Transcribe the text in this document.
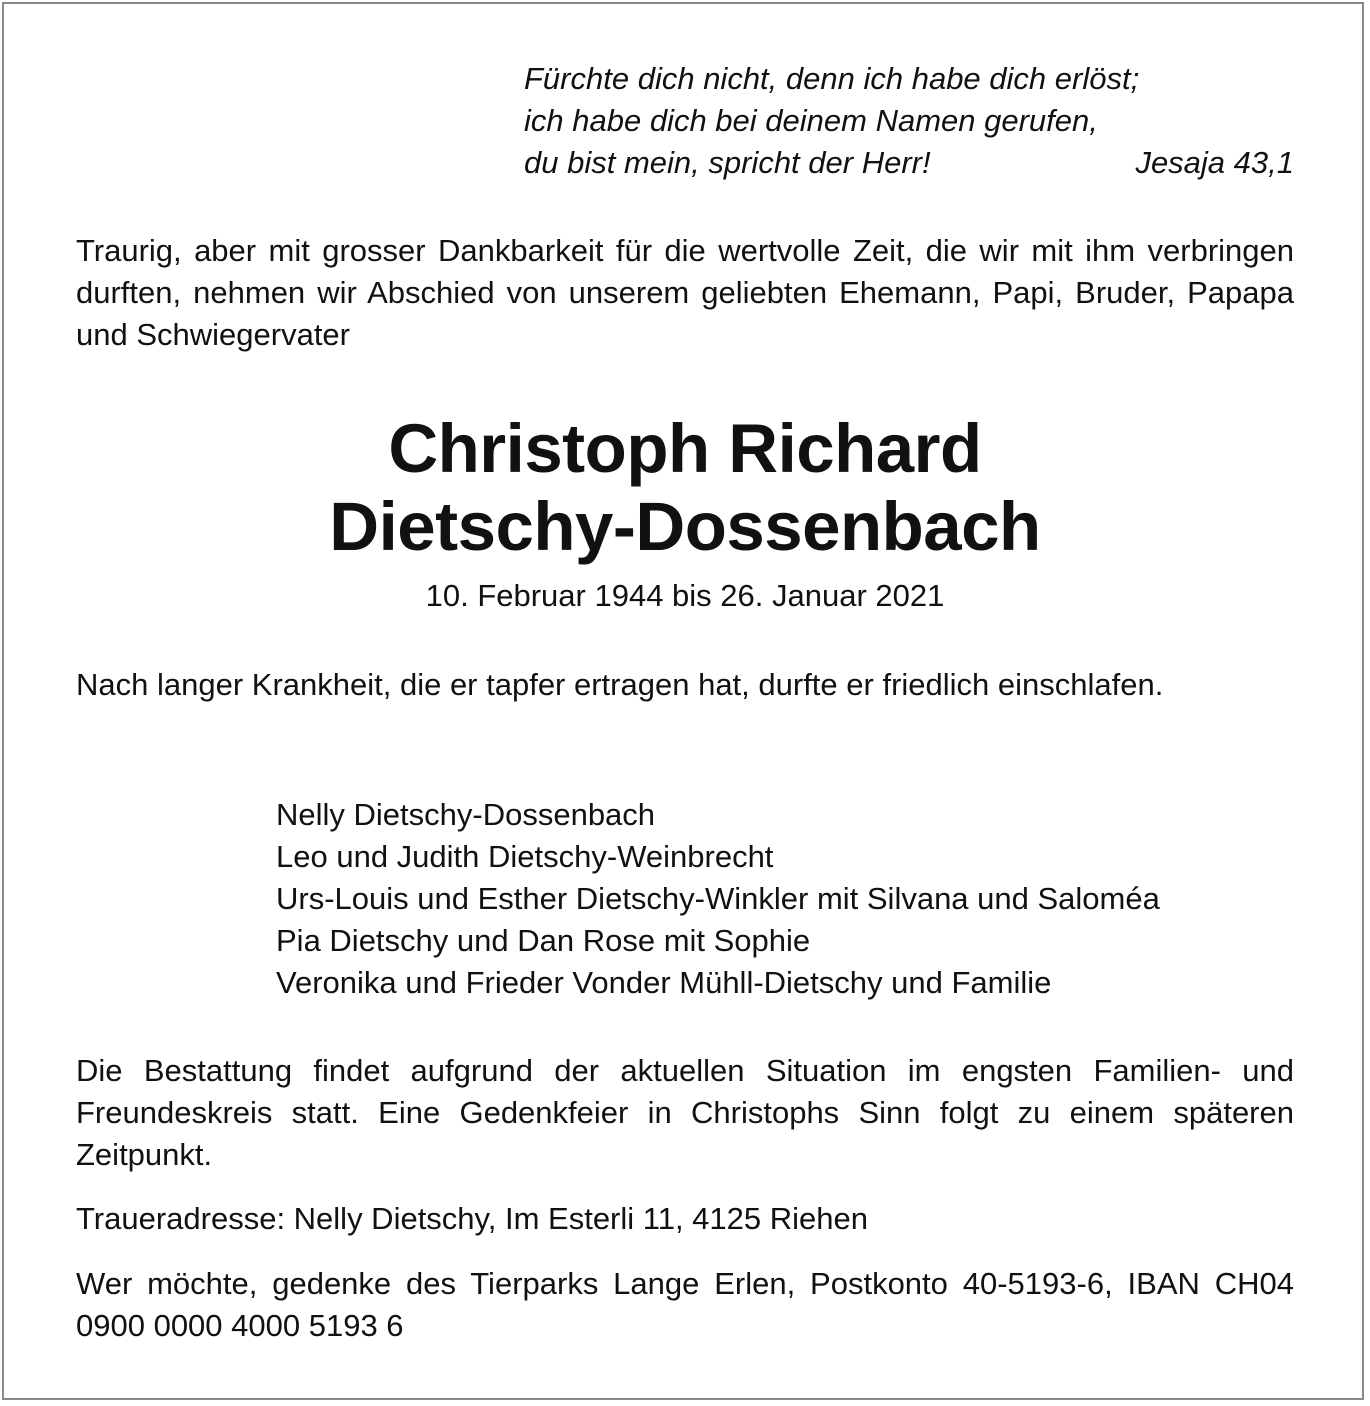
Fürchte dich nicht, denn ich habe dich erlöst;
ich habe dich bei deinem Namen gerufen,
du bist mein, spricht der Herr!	Jesaja 43,1
Traurig, aber mit grosser Dankbarkeit für die wertvolle Zeit, die wir mit ihm verbringen durften, nehmen wir Abschied von unserem geliebten Ehemann, Papi, Bruder, Papapa und Schwiegervater
Christoph Richard
Dietschy-Dossenbach
10. Februar 1944 bis 26. Januar 2021
Nach langer Krankheit, die er tapfer ertragen hat, durfte er friedlich einschlafen.
Nelly Dietschy-Dossenbach
Leo und Judith Dietschy-Weinbrecht
Urs-Louis und Esther Dietschy-Winkler mit Silvana und Saloméa
Pia Dietschy und Dan Rose mit Sophie
Veronika und Frieder Vonder Mühll-Dietschy und Familie
Die Bestattung findet aufgrund der aktuellen Situation im engsten Familien- und Freundeskreis statt. Eine Gedenkfeier in Christophs Sinn folgt zu einem späteren Zeitpunkt.
Traueradresse: Nelly Dietschy, Im Esterli 11, 4125 Riehen
Wer möchte, gedenke des Tierparks Lange Erlen, Postkonto 40-5193-6, IBAN CH04 0900 0000 4000 5193 6
